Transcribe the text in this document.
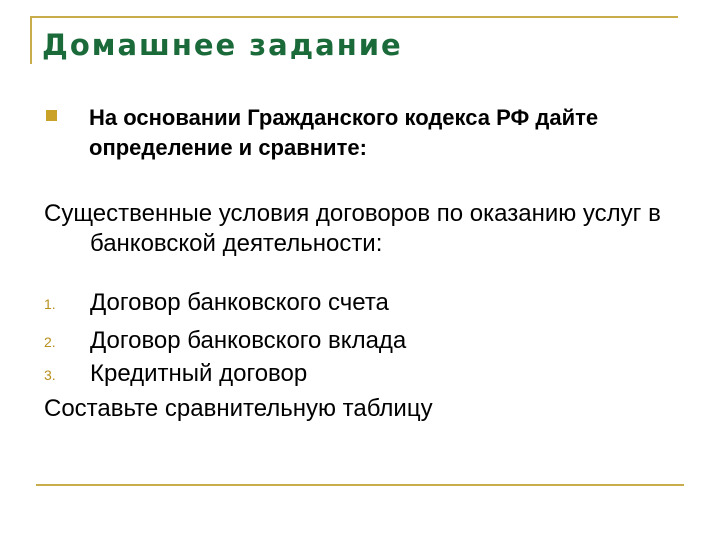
Домашнее задание
На основании Гражданского кодекса РФ дайте определение и сравните:
Существенные условия договоров по оказанию услуг в банковской деятельности:
1. Договор банковского счета
2. Договор банковского вклада
3. Кредитный договор
Составьте сравнительную таблицу
